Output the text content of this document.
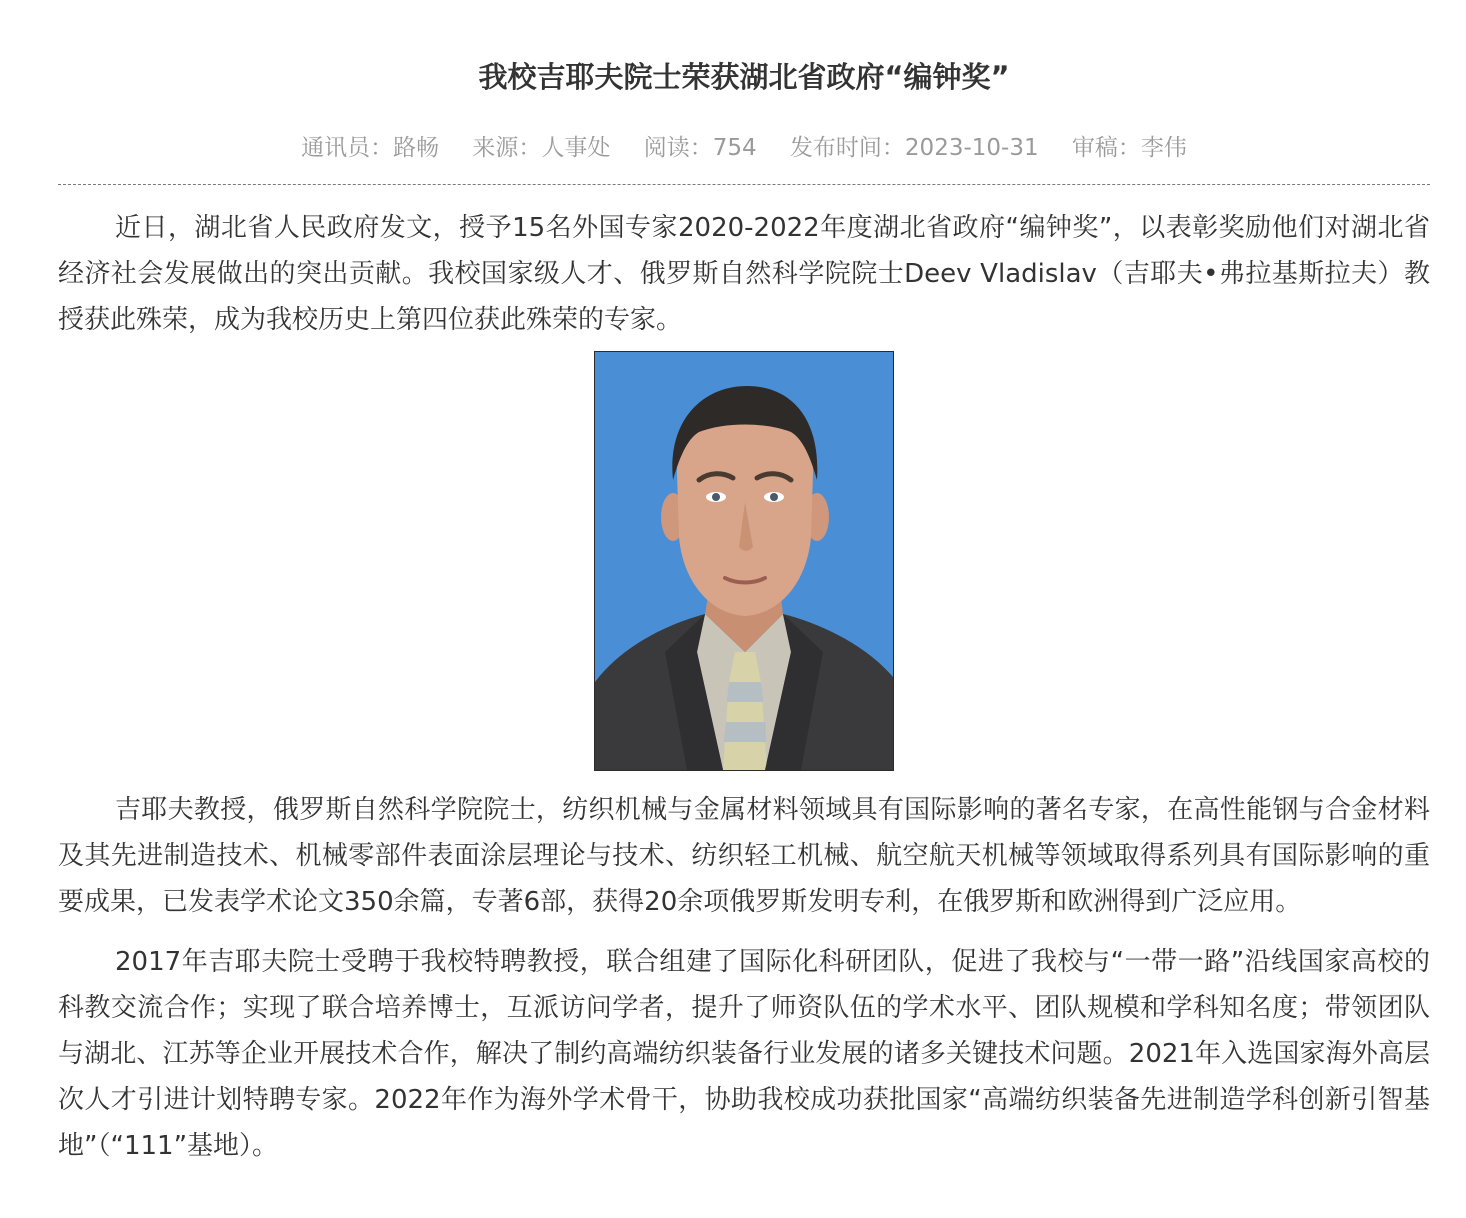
我校吉耶夫院士荣获湖北省政府“编钟奖”
通讯员：路畅 来源：人事处 阅读：754 发布时间：2023-10-31 审稿：李伟

近日，湖北省人民政府发文，授予15名外国专家2020-2022年度湖北省政府“编钟奖”，以表彰奖励他们对湖北省经济社会发展做出的突出贡献。我校国家级人才、俄罗斯自然科学院院士Deev Vladislav（吉耶夫•弗拉基斯拉夫）教授获此殊荣，成为我校历史上第四位获此殊荣的专家。

吉耶夫教授，俄罗斯自然科学院院士，纺织机械与金属材料领域具有国际影响的著名专家，在高性能钢与合金材料及其先进制造技术、机械零部件表面涂层理论与技术、纺织轻工机械、航空航天机械等领域取得系列具有国际影响的重要成果，已发表学术论文350余篇，专著6部，获得20余项俄罗斯发明专利，在俄罗斯和欧洲得到广泛应用。

2017年吉耶夫院士受聘于我校特聘教授，联合组建了国际化科研团队，促进了我校与“一带一路”沿线国家高校的科教交流合作；实现了联合培养博士，互派访问学者，提升了师资队伍的学术水平、团队规模和学科知名度；带领团队与湖北、江苏等企业开展技术合作，解决了制约高端纺织装备行业发展的诸多关键技术问题。2021年入选国家海外高层次人才引进计划特聘专家。2022年作为海外学术骨干，协助我校成功获批国家“高端纺织装备先进制造学科创新引智基地”（“111”基地）。
